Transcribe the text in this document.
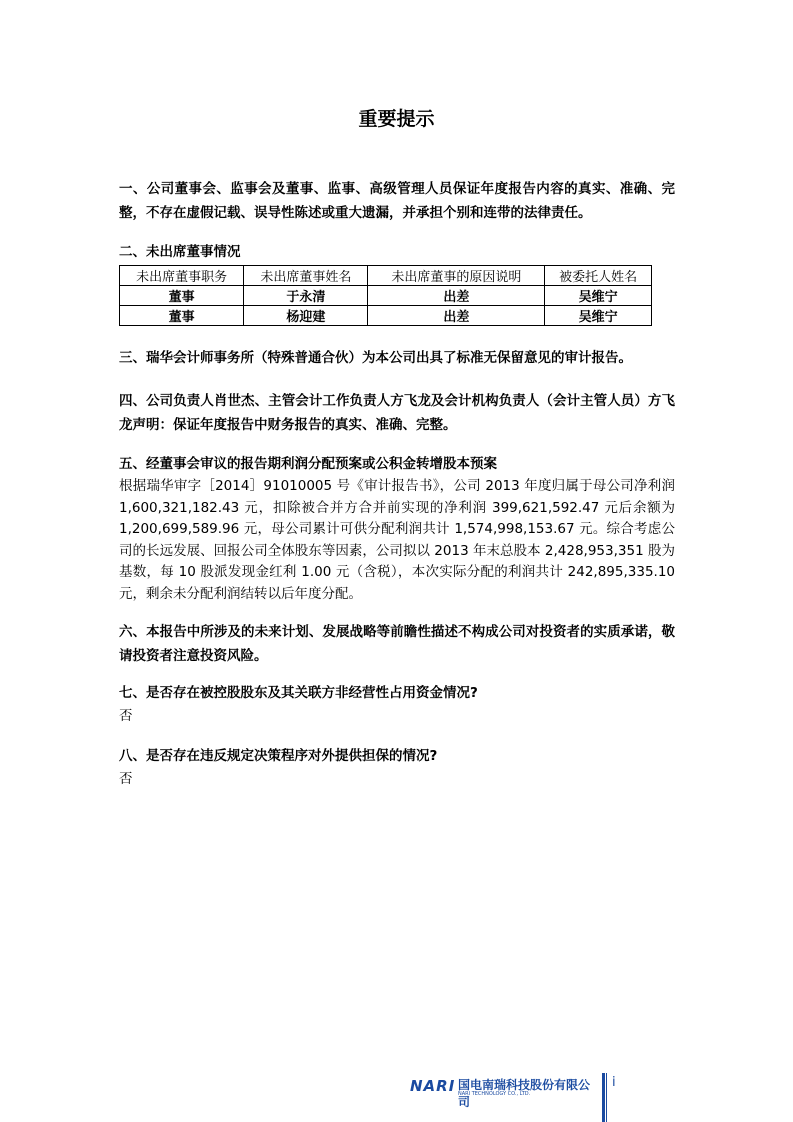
重要提示

一、公司董事会、监事会及董事、监事、高级管理人员保证年度报告内容的真实、准确、完整，不存在虚假记载、误导性陈述或重大遗漏，并承担个别和连带的法律责任。

二、未出席董事情况

未出席董事职务	未出席董事姓名	未出席董事的原因说明	被委托人姓名
董事	于永清	出差	吴维宁
董事	杨迎建	出差	吴维宁

三、瑞华会计师事务所（特殊普通合伙）为本公司出具了标准无保留意见的审计报告。

四、公司负责人肖世杰、主管会计工作负责人方飞龙及会计机构负责人（会计主管人员）方飞龙声明：保证年度报告中财务报告的真实、准确、完整。

五、经董事会审议的报告期利润分配预案或公积金转增股本预案

根据瑞华审字［2014］91010005 号《审计报告书》，公司 2013 年度归属于母公司净利润 1,600,321,182.43 元，扣除被合并方合并前实现的净利润 399,621,592.47 元后余额为 1,200,699,589.96 元，母公司累计可供分配利润共计 1,574,998,153.67 元。综合考虑公司的长远发展、回报公司全体股东等因素，公司拟以 2013 年末总股本 2,428,953,351 股为基数，每 10 股派发现金红利 1.00 元（含税），本次实际分配的利润共计 242,895,335.10 元，剩余未分配利润结转以后年度分配。

六、本报告中所涉及的未来计划、发展战略等前瞻性描述不构成公司对投资者的实质承诺，敬请投资者注意投资风险。

七、是否存在被控股股东及其关联方非经营性占用资金情况?

否

八、是否存在违反规定决策程序对外提供担保的情况?

否

NARI 国电南瑞科技股份有限公司
NARI TECHNOLOGY CO., LTD.
i
